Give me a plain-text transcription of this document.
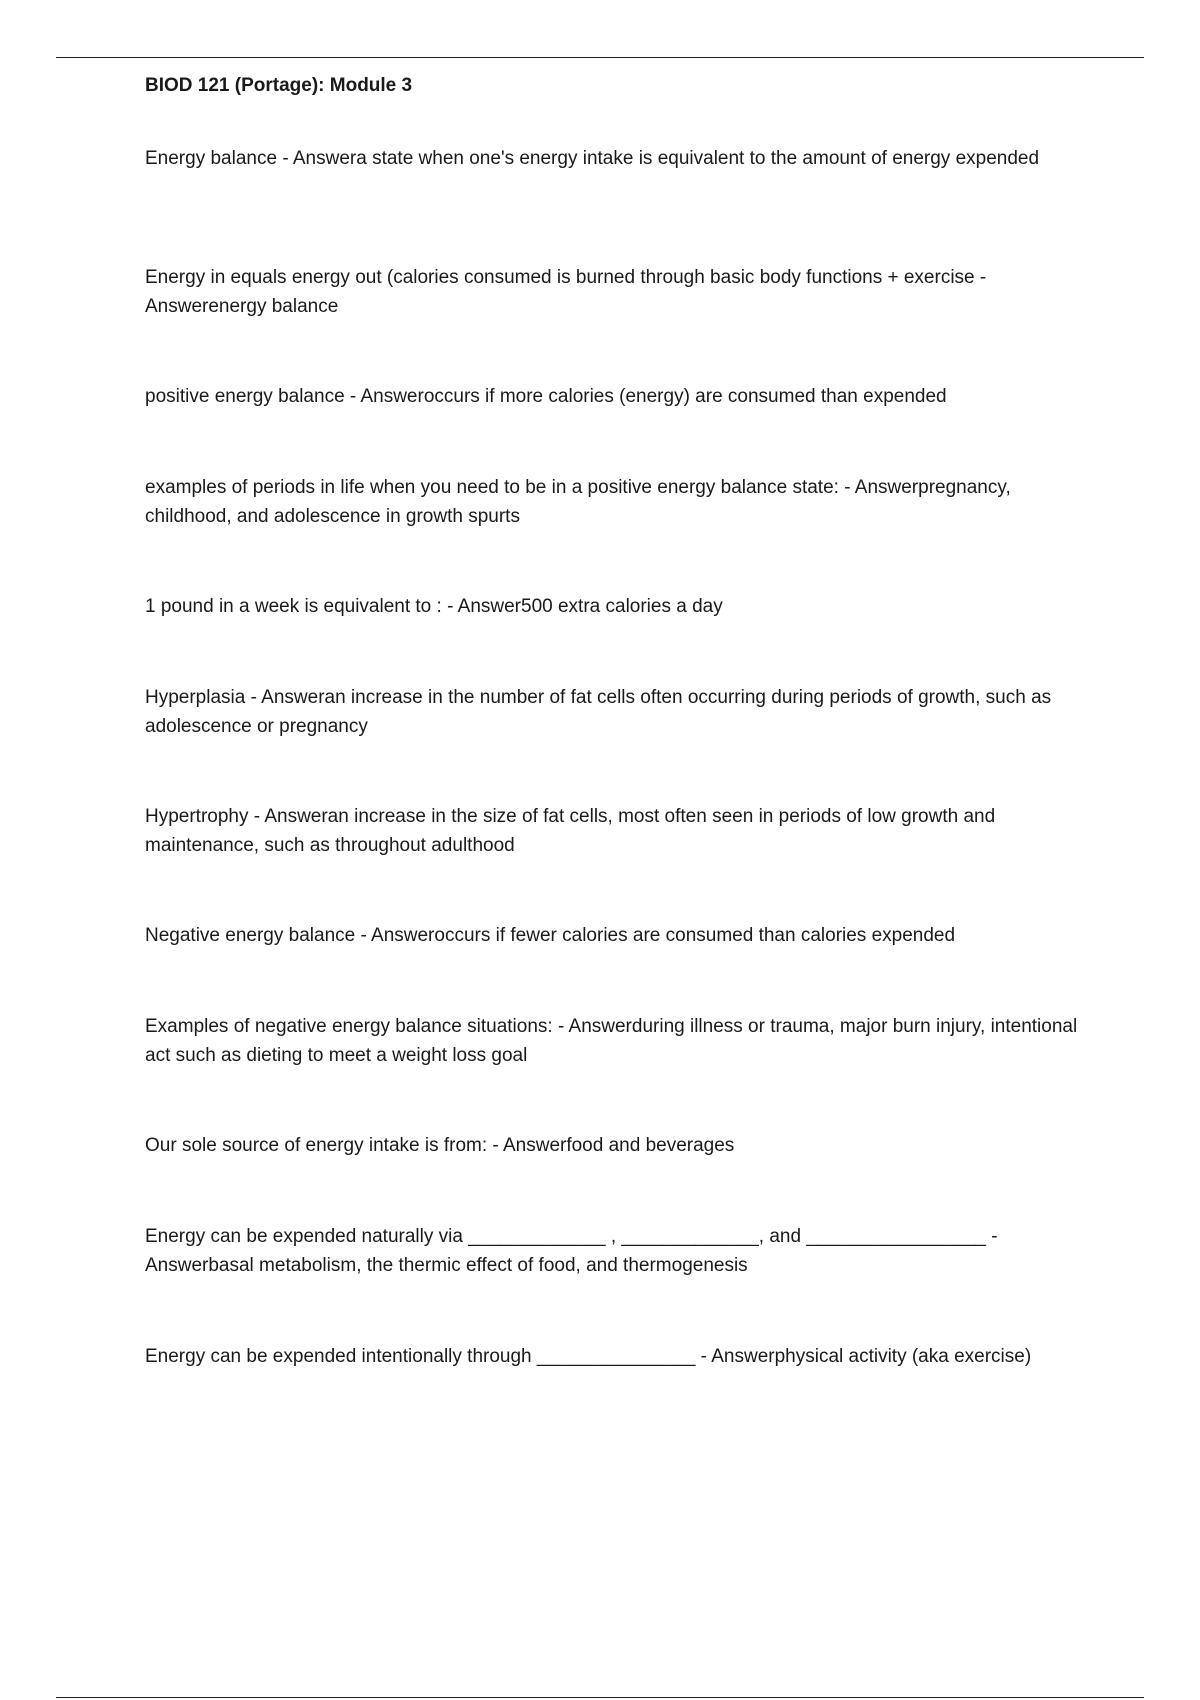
BIOD 121 (Portage): Module 3

Energy balance - Answera state when one's energy intake is equivalent to the amount of energy expended

Energy in equals energy out (calories consumed is burned through basic body functions + exercise - Answerenergy balance

positive energy balance - Answeroccurs if more calories (energy) are consumed than expended

examples of periods in life when you need to be in a positive energy balance state: - Answerpregnancy, childhood, and adolescence in growth spurts

1 pound in a week is equivalent to : - Answer500 extra calories a day

Hyperplasia - Answeran increase in the number of fat cells often occurring during periods of growth, such as adolescence or pregnancy

Hypertrophy - Answeran increase in the size of fat cells, most often seen in periods of low growth and maintenance, such as throughout adulthood

Negative energy balance - Answeroccurs if fewer calories are consumed than calories expended

Examples of negative energy balance situations: - Answerduring illness or trauma, major burn injury, intentional act such as dieting to meet a weight loss goal

Our sole source of energy intake is from: - Answerfood and beverages

Energy can be expended naturally via _____________ , _____________, and _________________ - Answerbasal metabolism, the thermic effect of food, and thermogenesis

Energy can be expended intentionally through _______________ - Answerphysical activity (aka exercise)
